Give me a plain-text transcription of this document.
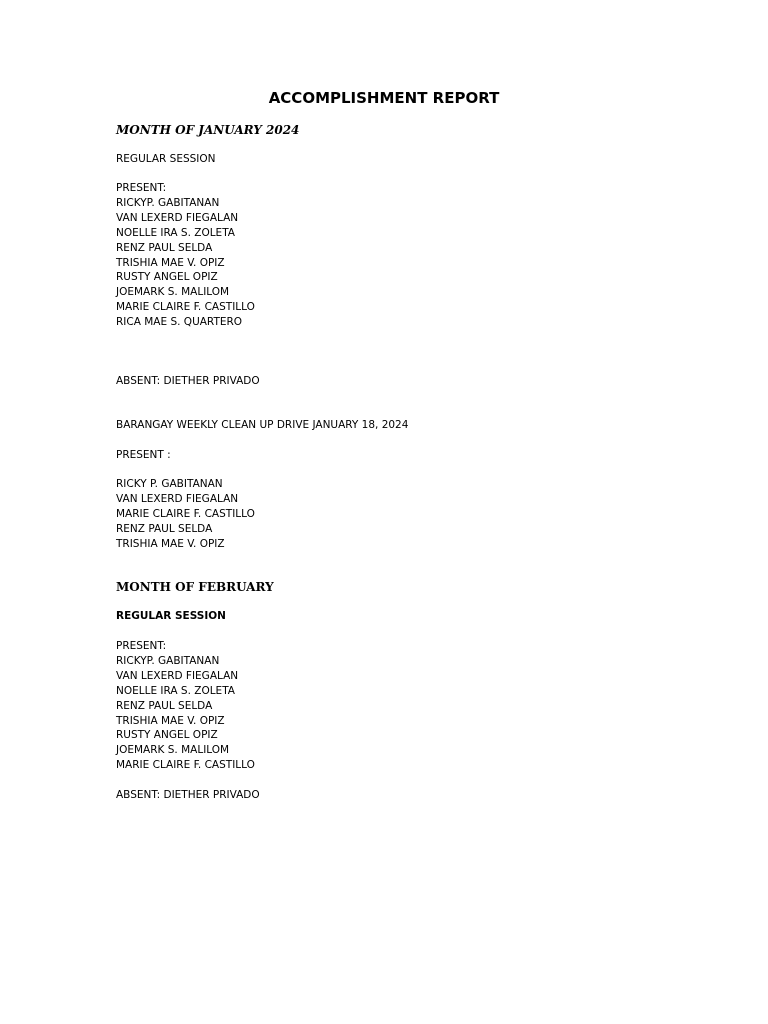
ACCOMPLISHMENT REPORT

MONTH OF JANUARY 2024

REGULAR SESSION

PRESENT:

RICKYP. GABITANAN
VAN LEXERD FIEGALAN
NOELLE IRA S. ZOLETA
RENZ PAUL SELDA
TRISHIA MAE V. OPIZ
RUSTY ANGEL OPIZ
JOEMARK S. MALILOM
MARIE CLAIRE F. CASTILLO
RICA MAE S. QUARTERO

ABSENT: DIETHER PRIVADO

BARANGAY WEEKLY CLEAN UP DRIVE JANUARY 18, 2024

PRESENT :

RICKY P. GABITANAN
VAN LEXERD FIEGALAN
MARIE CLAIRE F. CASTILLO
RENZ PAUL SELDA
TRISHIA MAE V. OPIZ

MONTH OF FEBRUARY

REGULAR SESSION

PRESENT:

RICKYP. GABITANAN
VAN LEXERD FIEGALAN
NOELLE IRA S. ZOLETA
RENZ PAUL SELDA
TRISHIA MAE V. OPIZ
RUSTY ANGEL OPIZ
JOEMARK S. MALILOM
MARIE CLAIRE F. CASTILLO

ABSENT: DIETHER PRIVADO
